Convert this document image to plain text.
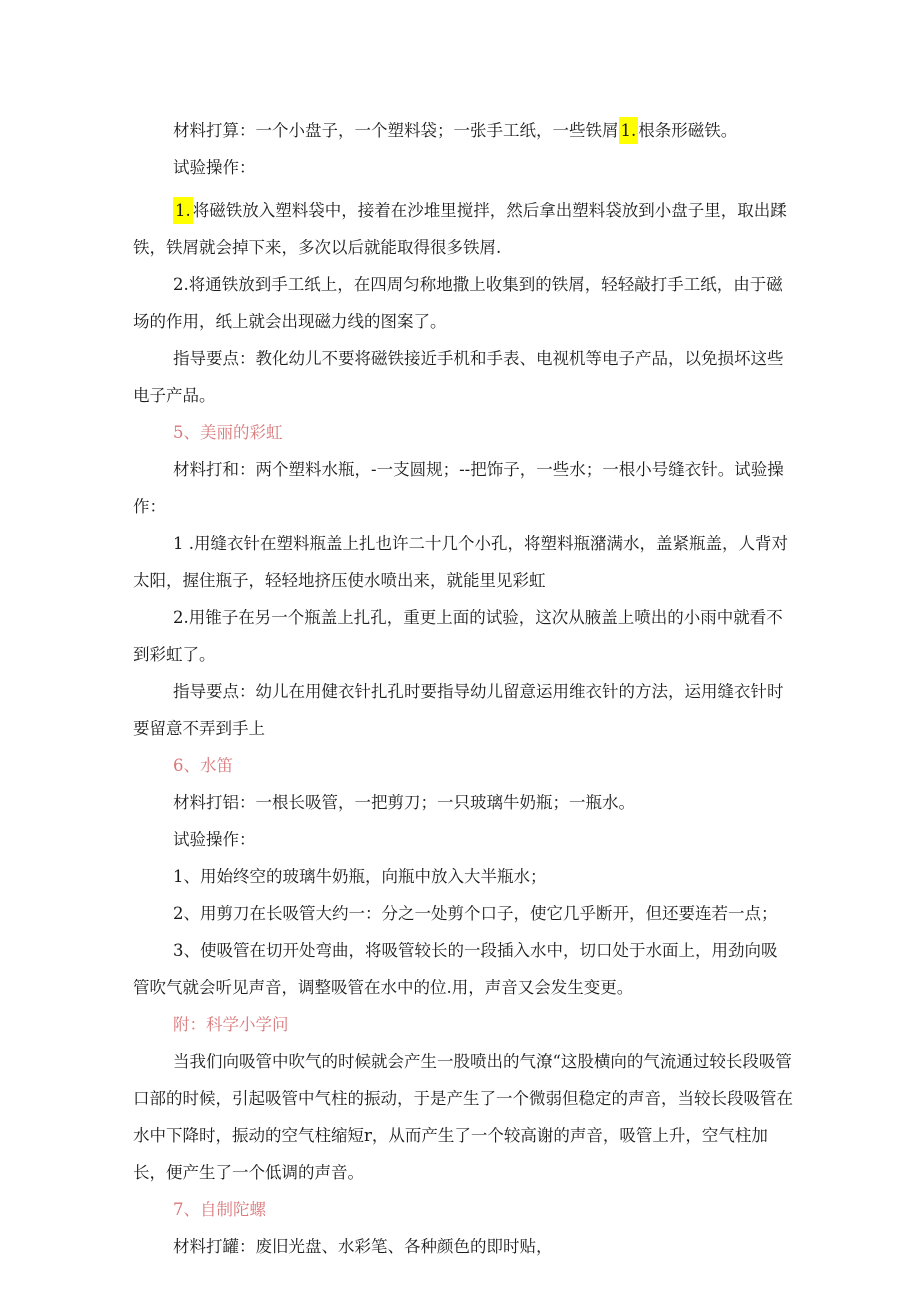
材料打算：一个小盘子，一个塑料袋；一张手工纸，一些铁屑 1. 根条形磁铁。

试验操作：

1. 将磁铁放入塑料袋中，接着在沙堆里搅拌，然后拿出塑料袋放到小盘子里，取出蹂铁，铁屑就会掉下来，多次以后就能取得很多铁屑.

2.将通铁放到手工纸上，在四周匀称地撒上收集到的铁屑，轻轻敲打手工纸，由于磁场的作用，纸上就会出现磁力线的图案了。

指导要点：教化幼儿不要将磁铁接近手机和手表、电视机等电子产品，以免损坏这些电子产品。

5、美丽的彩虹

材料打和：两个塑料水瓶，-一支圆规；--把饰子，一些水；一根小号缝衣针。试验操作：

1 .用缝衣针在塑料瓶盖上扎也许二十几个小孔，将塑料瓶潴满水，盖紧瓶盖，人背对太阳，握住瓶子，轻轻地挤压使水喷出来，就能里见彩虹

2.用锥子在另一个瓶盖上扎孔，重更上面的试验，这次从腋盖上喷出的小雨中就看不到彩虹了。

指导要点：幼儿在用健衣针扎孔时要指导幼儿留意运用维衣针的方法，运用缝衣针时要留意不弄到手上

6、水笛

材料打铝：一根长吸管，一把剪刀；一只玻璃牛奶瓶；一瓶水。

试验操作：

1、用始终空的玻璃牛奶瓶，向瓶中放入大半瓶水；

2、用剪刀在长吸管大约一：分之一处剪个口子，使它几乎断开，但还要连若一点；

3、使吸管在切开处弯曲，将吸管较长的一段插入水中，切口处于水面上，用劲向吸管吹气就会听见声音，调整吸管在水中的位.用，声音又会发生变更。

附：科学小学问

当我们向吸管中吹气的时候就会产生一股喷出的气潦“这股横向的气流通过较长段吸管口部的时候，引起吸管中气柱的振动，于是产生了一个微弱但稳定的声音，当较长段吸管在水中下降时，振动的空气柱缩短r，从而产生了一个较高谢的声音，吸管上升，空气柱加长，便产生了一个低调的声音。

7、自制陀螺

材料打罐：废旧光盘、水彩笔、各种颜色的即时贴，
